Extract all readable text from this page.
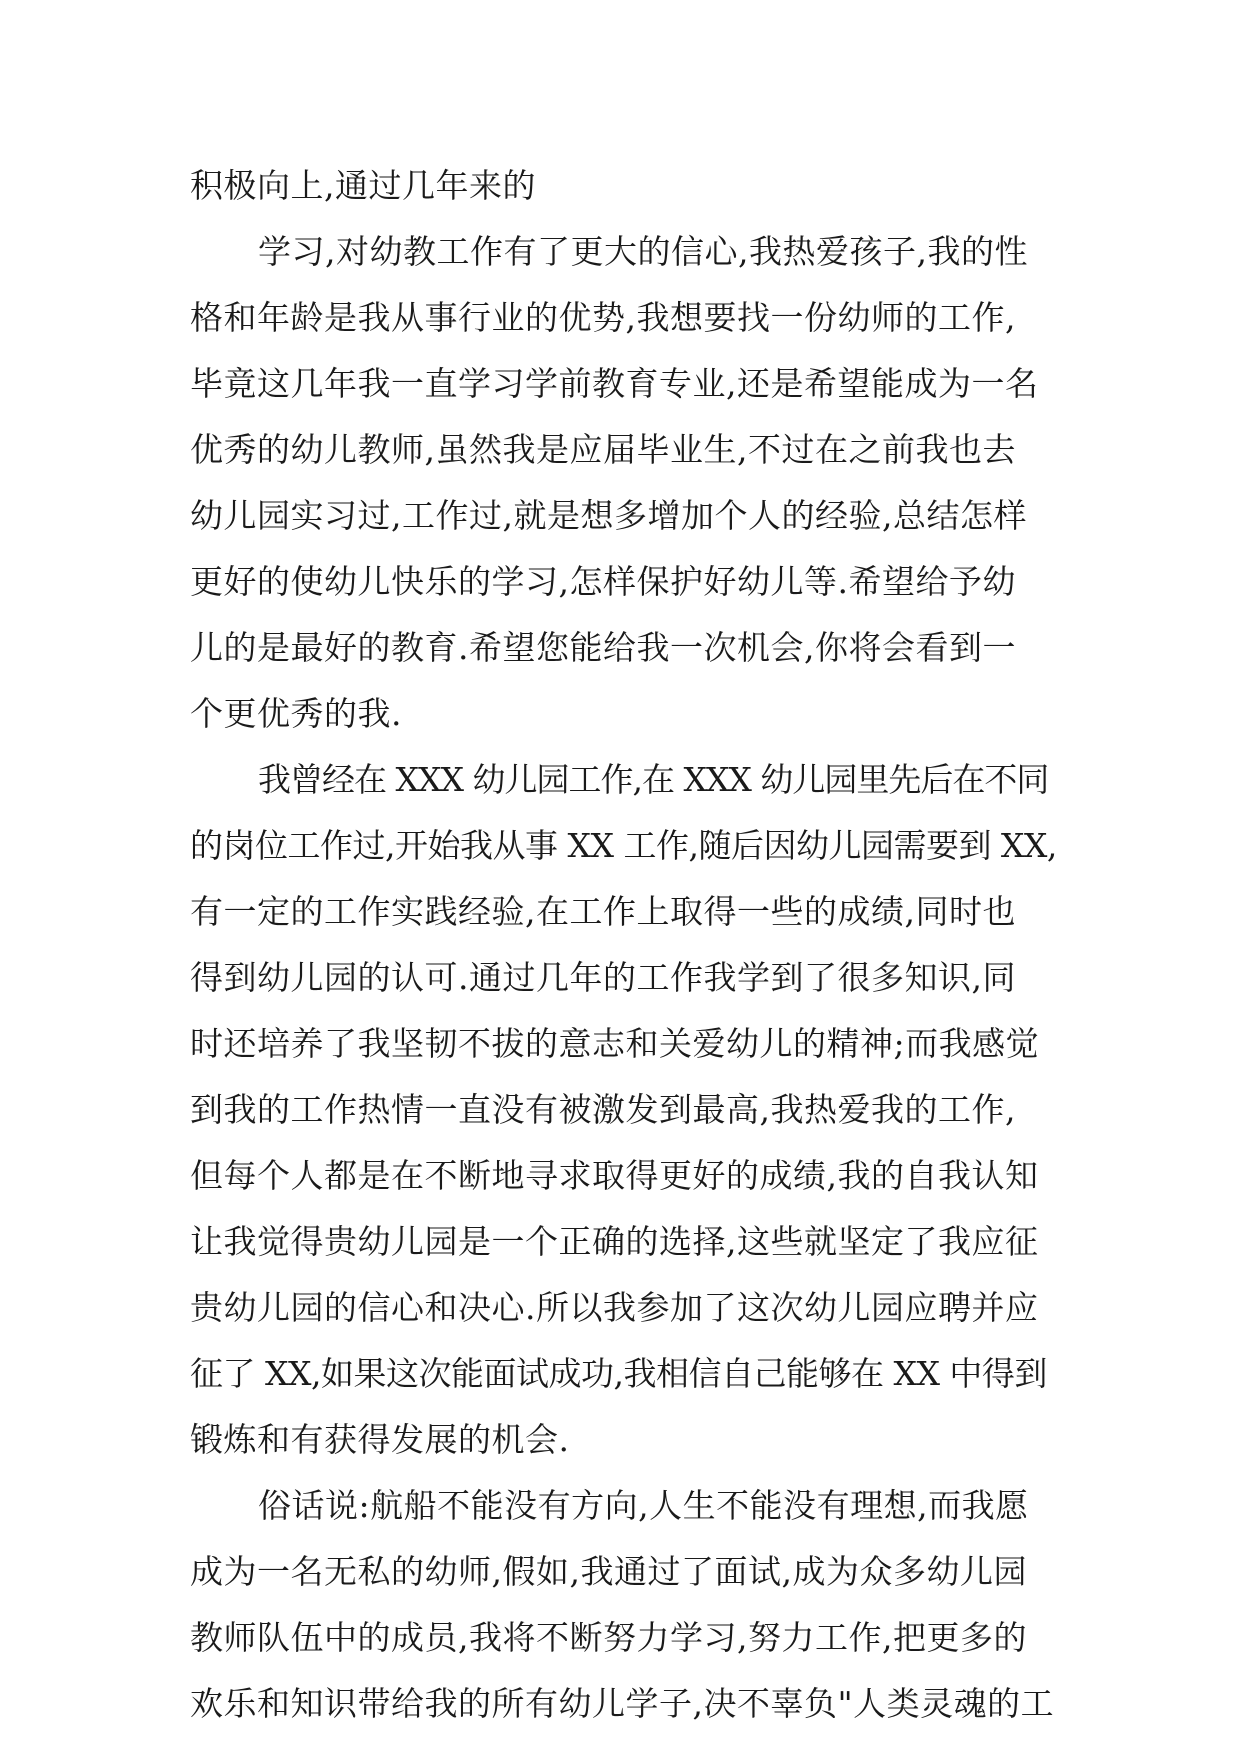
积极向上,通过几年来的
学习,对幼教工作有了更大的信心,我热爱孩子,我的性
格和年龄是我从事行业的优势,我想要找一份幼师的工作,
毕竟这几年我一直学习学前教育专业,还是希望能成为一名
优秀的幼儿教师,虽然我是应届毕业生,不过在之前我也去
幼儿园实习过,工作过,就是想多增加个人的经验,总结怎样
更好的使幼儿快乐的学习,怎样保护好幼儿等.希望给予幼
儿的是最好的教育.希望您能给我一次机会,你将会看到一
个更优秀的我.
我曾经在 XXX 幼儿园工作,在 XXX 幼儿园里先后在不同
的岗位工作过,开始我从事 XX 工作,随后因幼儿园需要到 XX,
有一定的工作实践经验,在工作上取得一些的成绩,同时也
得到幼儿园的认可.通过几年的工作我学到了很多知识,同
时还培养了我坚韧不拔的意志和关爱幼儿的精神;而我感觉
到我的工作热情一直没有被激发到最高,我热爱我的工作,
但每个人都是在不断地寻求取得更好的成绩,我的自我认知
让我觉得贵幼儿园是一个正确的选择,这些就坚定了我应征
贵幼儿园的信心和决心.所以我参加了这次幼儿园应聘并应
征了 XX,如果这次能面试成功,我相信自己能够在 XX 中得到
锻炼和有获得发展的机会.
俗话说:航船不能没有方向,人生不能没有理想,而我愿
成为一名无私的幼师,假如,我通过了面试,成为众多幼儿园
教师队伍中的成员,我将不断努力学习,努力工作,把更多的
欢乐和知识带给我的所有幼儿学子,决不辜负"人类灵魂的工
